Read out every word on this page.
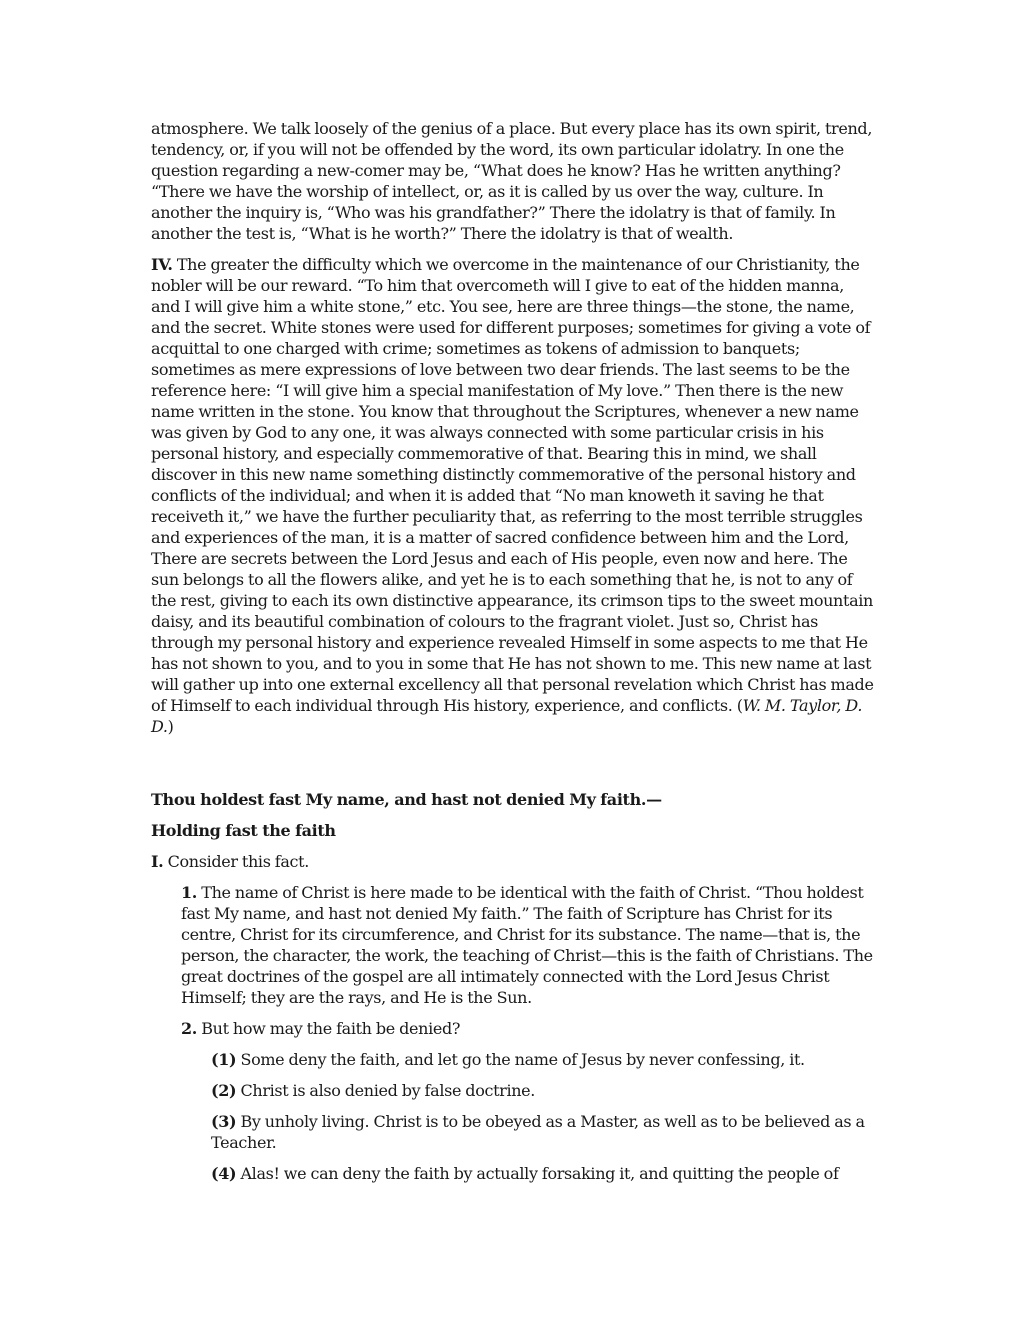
atmosphere. We talk loosely of the genius of a place. But every place has its own spirit, trend, tendency, or, if you will not be offended by the word, its own particular idolatry. In one the question regarding a new-comer may be, “What does he know? Has he written anything? “There we have the worship of intellect, or, as it is called by us over the way, culture. In another the inquiry is, “Who was his grandfather?” There the idolatry is that of family. In another the test is, “What is he worth?” There the idolatry is that of wealth.

IV. The greater the difficulty which we overcome in the maintenance of our Christianity, the nobler will be our reward. “To him that overcometh will I give to eat of the hidden manna, and I will give him a white stone,” etc. You see, here are three things—the stone, the name, and the secret. White stones were used for different purposes; sometimes for giving a vote of acquittal to one charged with crime; sometimes as tokens of admission to banquets; sometimes as mere expressions of love between two dear friends. The last seems to be the reference here: “I will give him a special manifestation of My love.” Then there is the new name written in the stone. You know that throughout the Scriptures, whenever a new name was given by God to any one, it was always connected with some particular crisis in his personal history, and especially commemorative of that. Bearing this in mind, we shall discover in this new name something distinctly commemorative of the personal history and conflicts of the individual; and when it is added that “No man knoweth it saving he that receiveth it,” we have the further peculiarity that, as referring to the most terrible struggles and experiences of the man, it is a matter of sacred confidence between him and the Lord, There are secrets between the Lord Jesus and each of His people, even now and here. The sun belongs to all the flowers alike, and yet he is to each something that he, is not to any of the rest, giving to each its own distinctive appearance, its crimson tips to the sweet mountain daisy, and its beautiful combination of colours to the fragrant violet. Just so, Christ has through my personal history and experience revealed Himself in some aspects to me that He has not shown to you, and to you in some that He has not shown to me. This new name at last will gather up into one external excellency all that personal revelation which Christ has made of Himself to each individual through His history, experience, and conflicts. (W. M. Taylor, D. D.)

Thou holdest fast My name, and hast not denied My faith.—

Holding fast the faith

I. Consider this fact.

1. The name of Christ is here made to be identical with the faith of Christ. “Thou holdest fast My name, and hast not denied My faith.” The faith of Scripture has Christ for its centre, Christ for its circumference, and Christ for its substance. The name—that is, the person, the character, the work, the teaching of Christ—this is the faith of Christians. The great doctrines of the gospel are all intimately connected with the Lord Jesus Christ Himself; they are the rays, and He is the Sun.

2. But how may the faith be denied?

(1) Some deny the faith, and let go the name of Jesus by never confessing, it.

(2) Christ is also denied by false doctrine.

(3) By unholy living. Christ is to be obeyed as a Master, as well as to be believed as a Teacher.

(4) Alas! we can deny the faith by actually forsaking it, and quitting the people of
